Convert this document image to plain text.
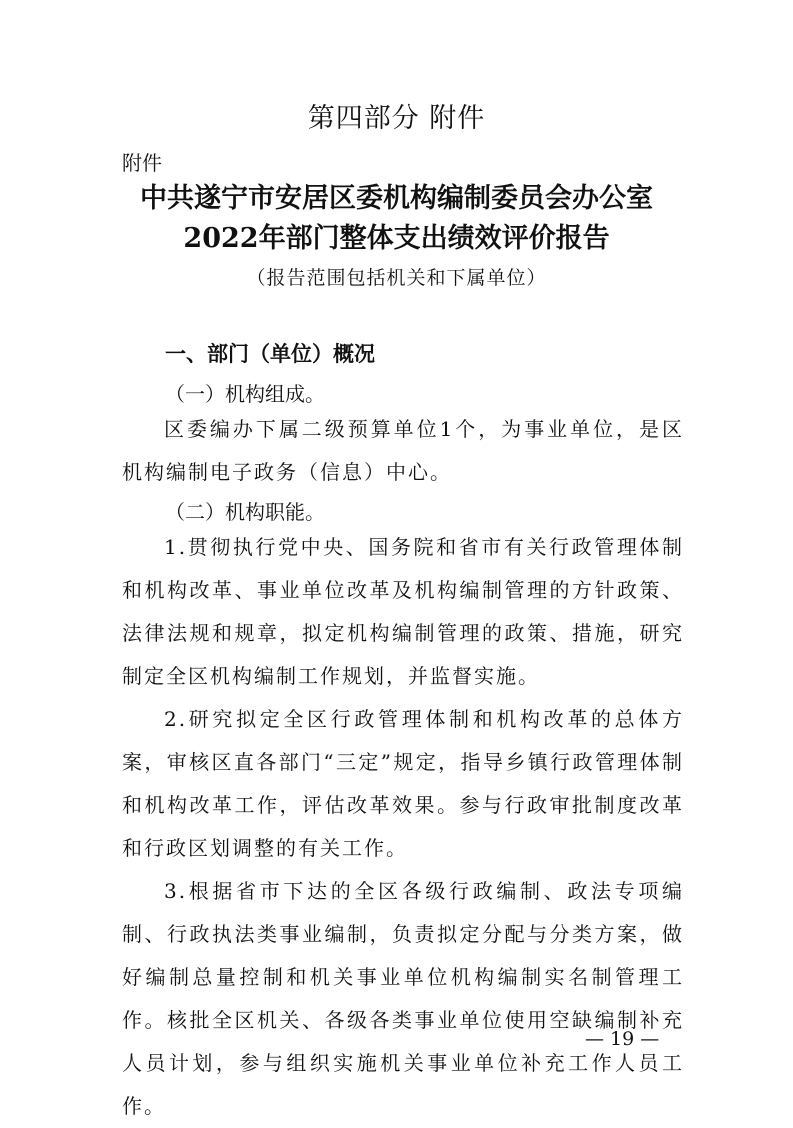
第四部分 附件
附件
中共遂宁市安居区委机构编制委员会办公室
2022年部门整体支出绩效评价报告
（报告范围包括机关和下属单位）
一、部门（单位）概况
（一）机构组成。
区委编办下属二级预算单位1个，为事业单位，是区机构编制电子政务（信息）中心。
（二）机构职能。
1.贯彻执行党中央、国务院和省市有关行政管理体制和机构改革、事业单位改革及机构编制管理的方针政策、法律法规和规章，拟定机构编制管理的政策、措施，研究制定全区机构编制工作规划，并监督实施。
2.研究拟定全区行政管理体制和机构改革的总体方案，审核区直各部门“三定”规定，指导乡镇行政管理体制和机构改革工作，评估改革效果。参与行政审批制度改革和行政区划调整的有关工作。
3.根据省市下达的全区各级行政编制、政法专项编制、行政执法类事业编制，负责拟定分配与分类方案，做好编制总量控制和机关事业单位机构编制实名制管理工作。核批全区机关、各级各类事业单位使用空缺编制补充人员计划，参与组织实施机关事业单位补充工作人员工作。
— 19 —
